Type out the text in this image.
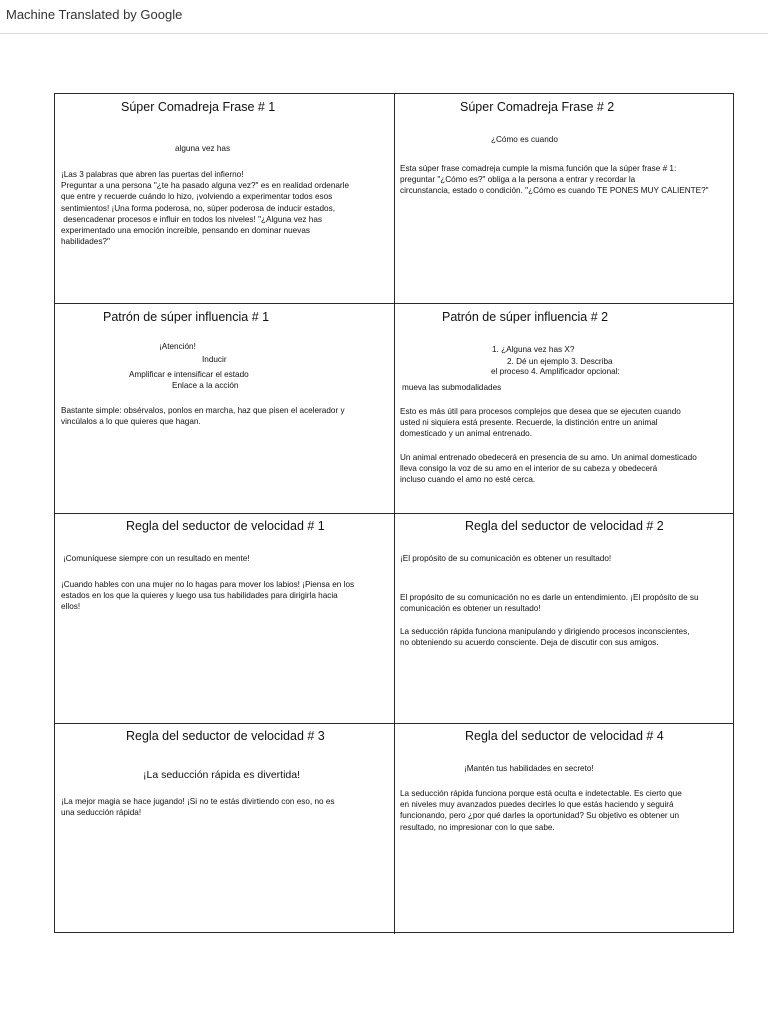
Machine Translated by Google
Súper Comadreja Frase # 1
alguna vez has
¡Las 3 palabras que abren las puertas del infierno!
Preguntar a una persona "¿te ha pasado alguna vez?" es en realidad ordenarle
que entre y recuerde cuándo lo hizo, ¡volviendo a experimentar todos esos
sentimientos! ¡Una forma poderosa, no, súper poderosa de inducir estados,
desencadenar procesos e influir en todos los niveles! "¿Alguna vez has
experimentado una emoción increíble, pensando en dominar nuevas
habilidades?"
Súper Comadreja Frase # 2
¿Cómo es cuando
Esta súper frase comadreja cumple la misma función que la súper frase # 1:
preguntar "¿Cómo es?" obliga a la persona a entrar y recordar la
circunstancia, estado o condición. "¿Cómo es cuando TE PONES MUY CALIENTE?"
Patrón de súper influencia # 1
¡Atención!
Inducir
Amplificar e intensificar el estado
Enlace a la acción
Bastante simple: obsérvalos, ponlos en marcha, haz que pisen el acelerador y
vincúlalos a lo que quieres que hagan.
Patrón de súper influencia # 2
1. ¿Alguna vez has X?
2. Dé un ejemplo 3. Describa
el proceso 4. Amplificador opcional:
mueva las submodalidades
Esto es más útil para procesos complejos que desea que se ejecuten cuando
usted ni siquiera está presente. Recuerde, la distinción entre un animal
domesticado y un animal entrenado.
Un animal entrenado obedecerá en presencia de su amo. Un animal domesticado
lleva consigo la voz de su amo en el interior de su cabeza y obedecerá
incluso cuando el amo no esté cerca.
Regla del seductor de velocidad # 1
¡Comuníquese siempre con un resultado en mente!
¡Cuando hables con una mujer no lo hagas para mover los labios! ¡Piensa en los
estados en los que la quieres y luego usa tus habilidades para dirigirla hacia
ellos!
Regla del seductor de velocidad # 2
¡El propósito de su comunicación es obtener un resultado!
El propósito de su comunicación no es darle un entendimiento. ¡El propósito de su
comunicación es obtener un resultado!
La seducción rápida funciona manipulando y dirigiendo procesos inconscientes,
no obteniendo su acuerdo consciente. Deja de discutir con sus amigos.
Regla del seductor de velocidad # 3
¡La seducción rápida es divertida!
¡La mejor magia se hace jugando! ¡Si no te estás divirtiendo con eso, no es
una seducción rápida!
Regla del seductor de velocidad # 4
¡Mantén tus habilidades en secreto!
La seducción rápida funciona porque está oculta e indetectable. Es cierto que
en niveles muy avanzados puedes decirles lo que estás haciendo y seguirá
funcionando, pero ¿por qué darles la oportunidad? Su objetivo es obtener un
resultado, no impresionar con lo que sabe.
